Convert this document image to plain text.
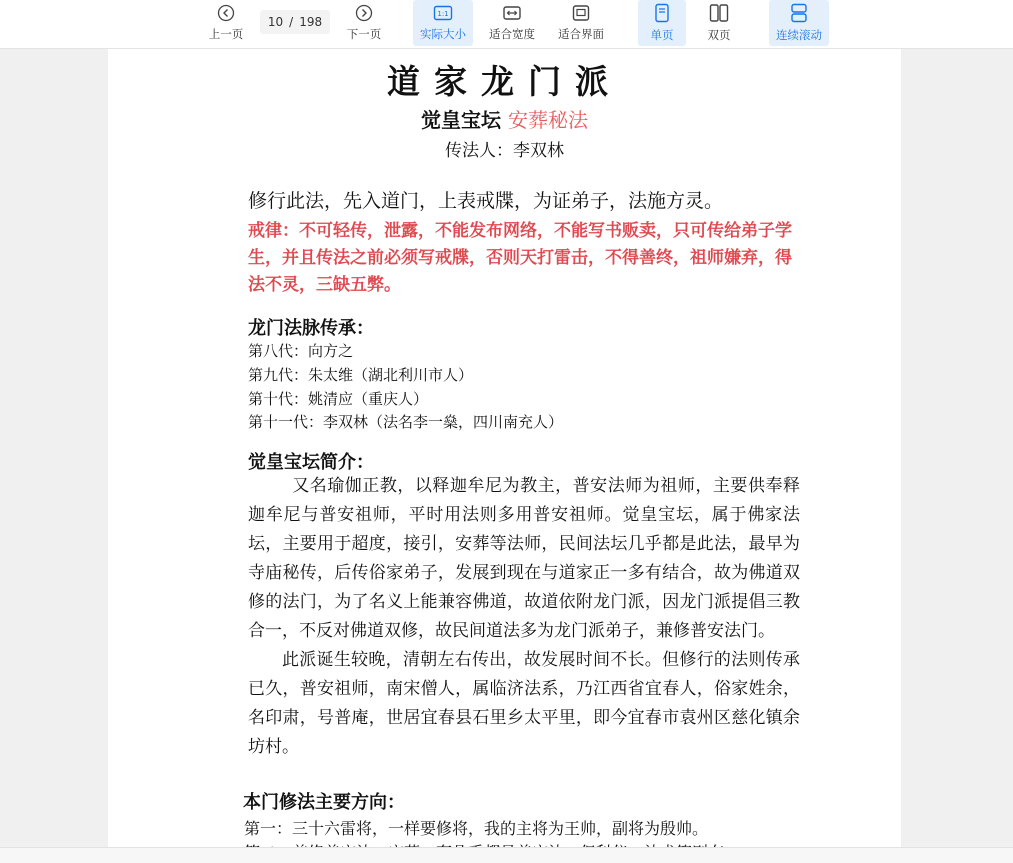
上一页
10 / 198
下一页
1:1
实际大小 适合宽度 适合界面	单页	双页	连续滚动
道家龙门派
觉皇宝坛 安葬秘法
传法人：李双林
修行此法，先入道门，上表戒牒，为证弟子，法施方灵。
戒律：不可轻传，泄露，不能发布网络，不能写书贩卖，只可传给弟子学生，并且传法之前必须写戒牒，否则天打雷击，不得善终，祖师嫌弃，得法不灵，三缺五弊。
龙门法脉传承：
第八代：向方之
第九代：朱太维（湖北利川市人）
第十代：姚清应（重庆人）
第十一代：李双林（法名李一燊，四川南充人）
觉皇宝坛简介：

又名瑜伽正教，以释迦牟尼为教主，普安法师为祖师，主要供奉释迦牟尼与普安祖师，平时用法则多用普安祖师。觉皇宝坛，属于佛家法坛，主要用于超度，接引，安葬等法师，民间法坛几乎都是此法，最早为寺庙秘传，后传俗家弟子，发展到现在与道家正一多有结合，故为佛道双修的法门，为了名义上能兼容佛道，故道依附龙门派，因龙门派提倡三教合一，不反对佛道双修，故民间道法多为龙门派弟子，兼修普安法门。

此派诞生较晚，清朝左右传出，故发展时间不长。但修行的法则传承已久，普安祖师，南宋僧人，属临济法系，乃江西省宜春人，俗家姓余，名印肃，号普庵，世居宜春县石里乡太平里，即今宜春市袁州区慈化镇余坊村。

本门修法主要方向：
第一：三十六雷将，一样要修将，我的主将为王帅，副将为殷帅。
